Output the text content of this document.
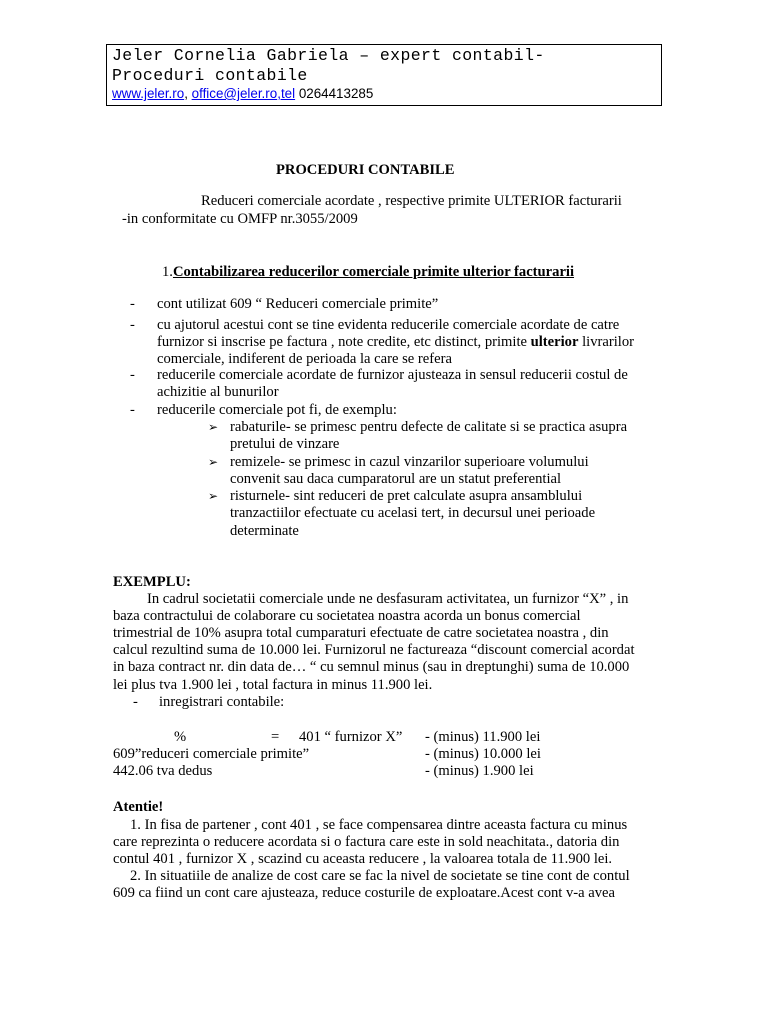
Jeler Cornelia Gabriela – expert contabil-
Proceduri contabile
www.jeler.ro, office@jeler.ro,tel 0264413285
PROCEDURI CONTABILE
Reduceri comerciale acordate , respective primite ULTERIOR facturarii
-in conformitate cu OMFP nr.3055/2009
1.Contabilizarea reducerilor comerciale primite ulterior facturarii
- cont utilizat 609 “ Reduceri comerciale primite”
- cu ajutorul acestui cont se tine evidenta reducerile comerciale acordate de catre
furnizor si inscrise pe factura , note credite, etc distinct, primite ulterior livrarilor
comerciale, indiferent de perioada la care se refera
- reducerile comerciale acordate de furnizor ajusteaza in sensul reducerii costul de
achizitie al bunurilor
- reducerile comerciale pot fi, de exemplu:
➢ rabaturile- se primesc pentru defecte de calitate si se practica asupra
pretului de vinzare
➢ remizele- se primesc in cazul vinzarilor superioare volumului
convenit sau daca cumparatorul are un statut preferential
➢ risturnele- sint reduceri de pret calculate asupra ansamblului
tranzactiilor efectuate cu acelasi tert, in decursul unei perioade
determinate
EXEMPLU:
In cadrul societatii comerciale unde ne desfasuram activitatea, un furnizor “X” , in
baza contractului de colaborare cu societatea noastra acorda un bonus comercial
trimestrial de 10% asupra total cumparaturi efectuate de catre societatea noastra , din
calcul rezultind suma de 10.000 lei. Furnizorul ne factureaza “discount comercial acordat
in baza contract nr. din data de… “ cu semnul minus (sau in dreptunghi) suma de 10.000
lei plus tva 1.900 lei , total factura in minus 11.900 lei.
- inregistrari contabile:
%	= 401 “ furnizor X” - (minus) 11.900 lei
609”reduceri comerciale primite”	- (minus) 10.000 lei
442.06 tva dedus	- (minus) 1.900 lei
Atentie!
1. In fisa de partener , cont 401 , se face compensarea dintre aceasta factura cu minus
care reprezinta o reducere acordata si o factura care este in sold neachitata., datoria din
contul 401 , furnizor X , scazind cu aceasta reducere , la valoarea totala de 11.900 lei.
2. In situatiile de analize de cost care se fac la nivel de societate se tine cont de contul
609 ca fiind un cont care ajusteaza, reduce costurile de exploatare.Acest cont v-a avea
